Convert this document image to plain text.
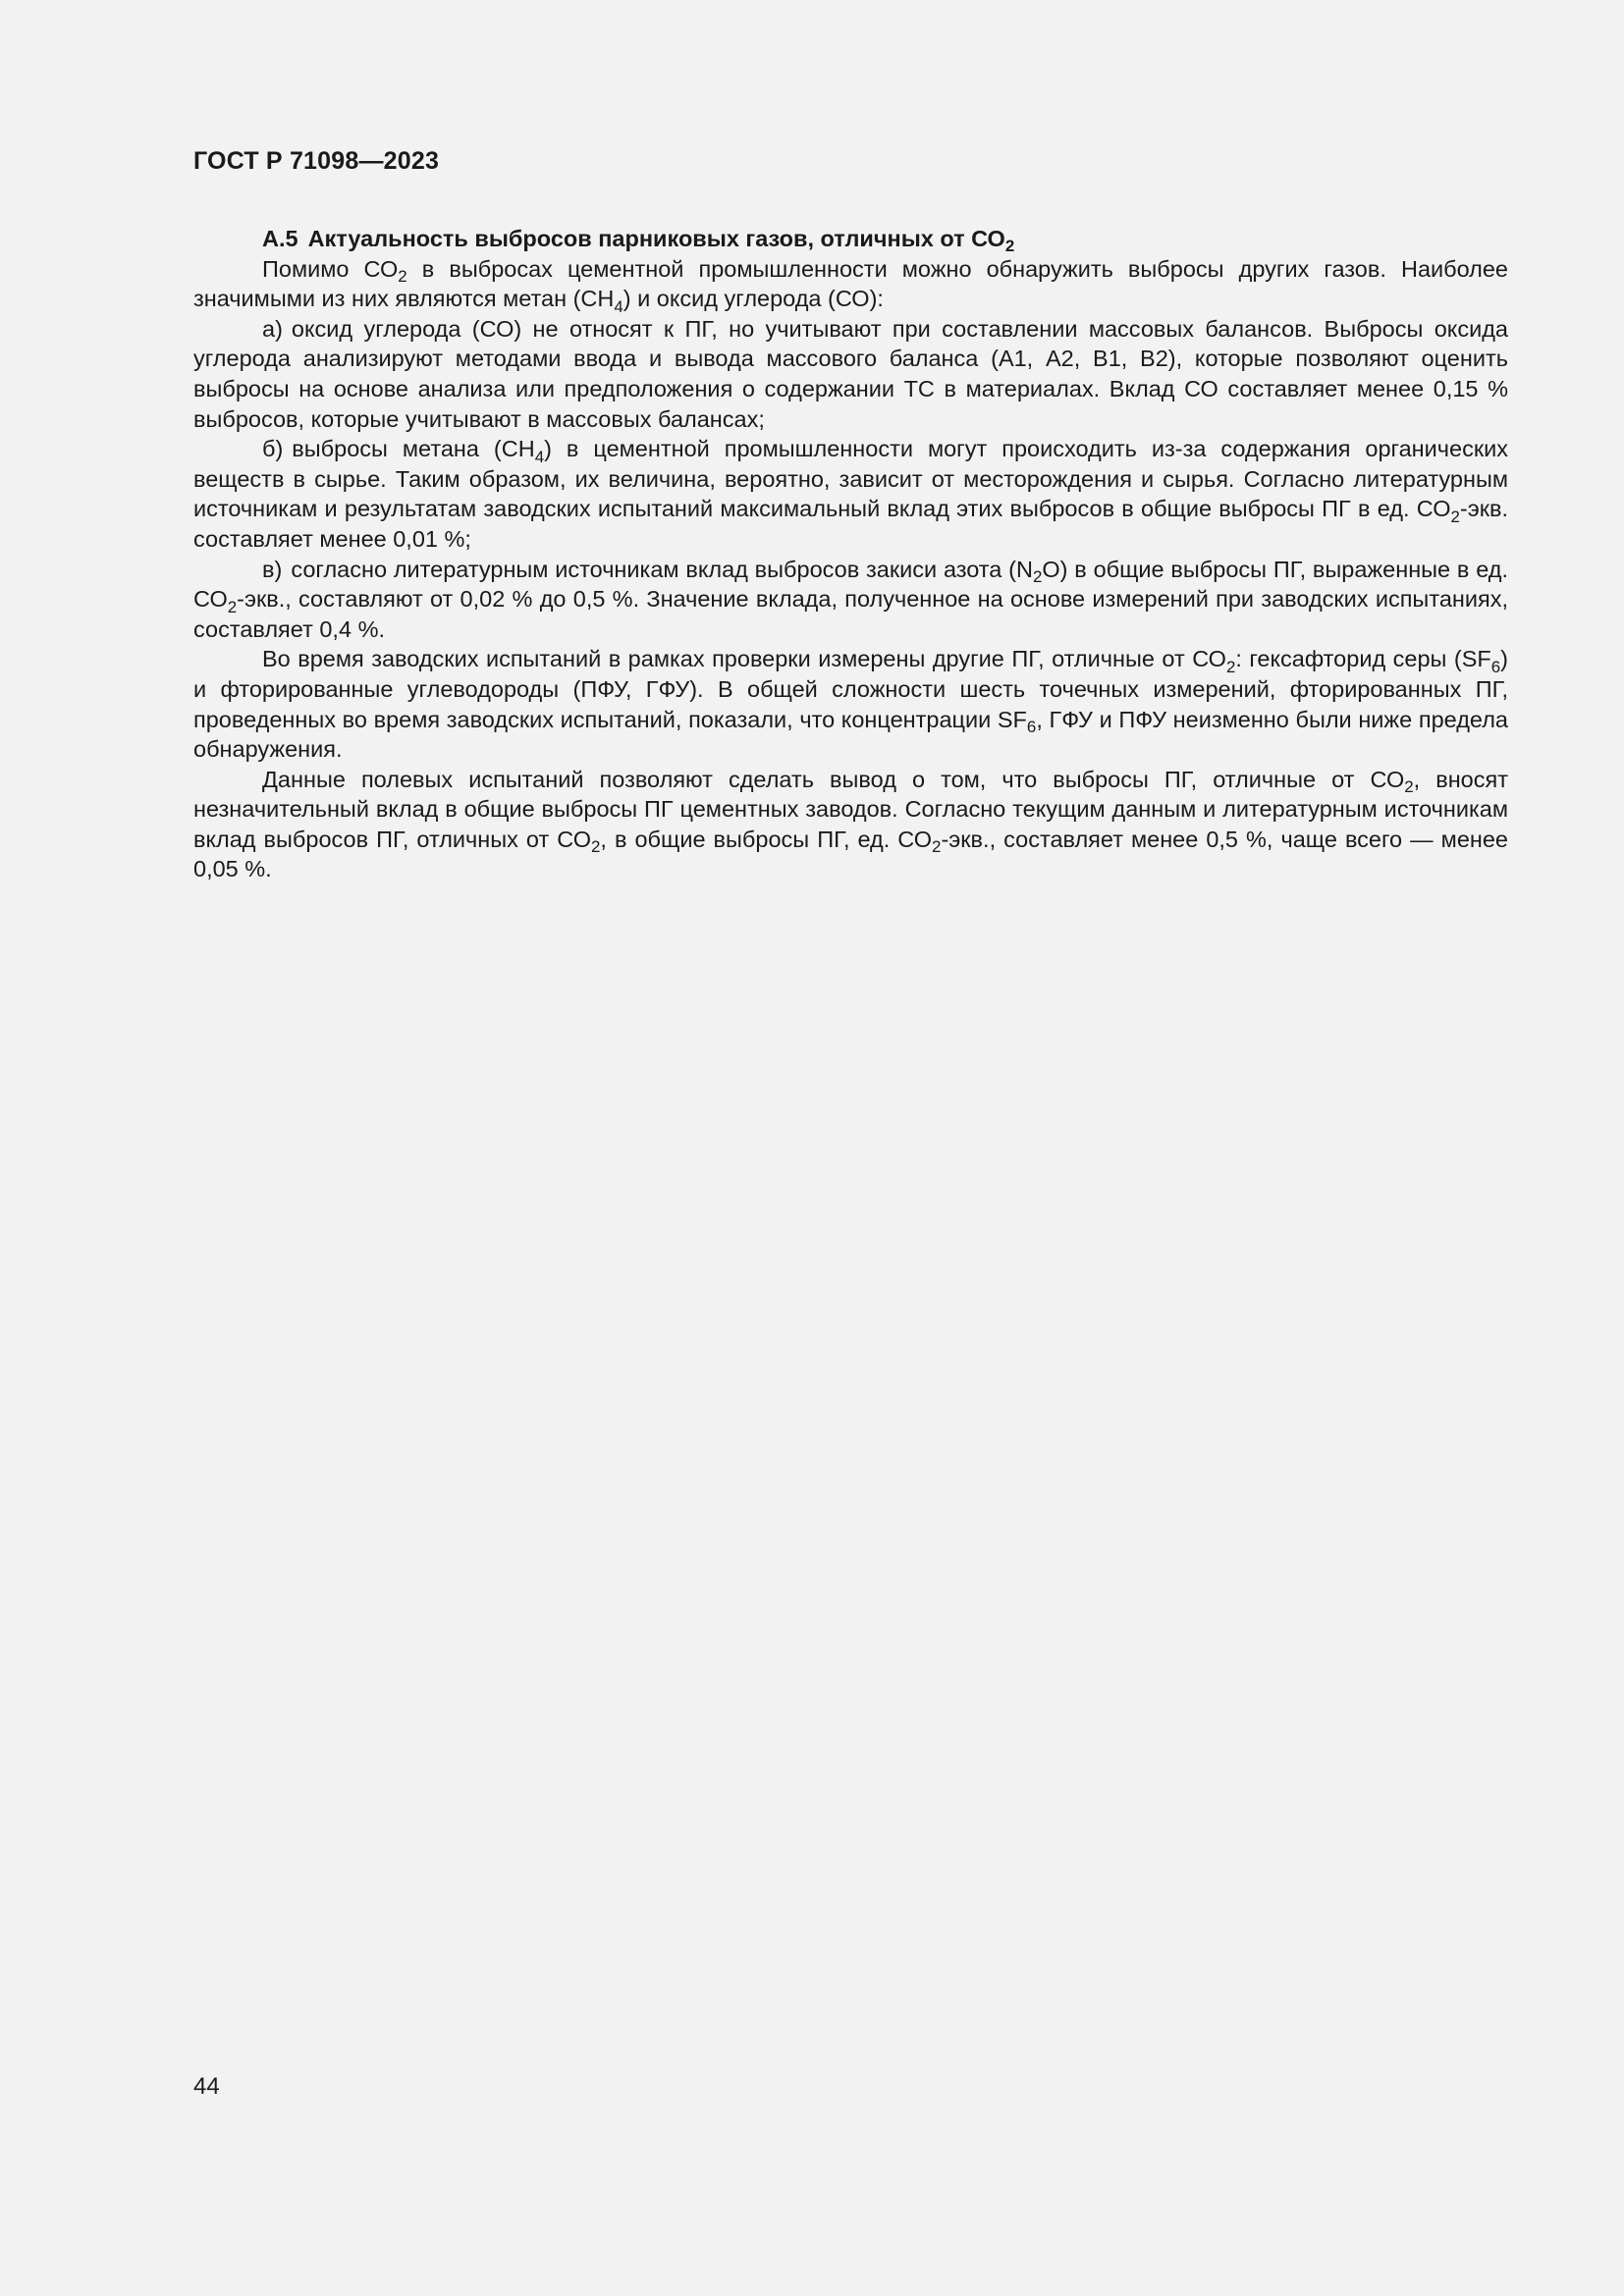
ГОСТ Р 71098—2023
А.5 Актуальность выбросов парниковых газов, отличных от $СО_2$

Помимо $СО_2$ в выбросах цементной промышленности можно обнаружить выбросы других газов. Наиболее значимыми из них являются метан $(СН_4)$ и оксид углерода (СО):

а) оксид углерода (СО) не относят к ПГ, но учитывают при составлении массовых балансов. Выбросы оксида углерода анализируют методами ввода и вывода массового баланса (А1, А2, В1, В2), которые позволяют оценить выбросы на основе анализа или предположения о содержании ТС в материалах. Вклад СО составляет менее 0,15 % выбросов, которые учитывают в массовых балансах;

б) выбросы метана $(СН_4)$ в цементной промышленности могут происходить из-за содержания органических веществ в сырье. Таким образом, их величина, вероятно, зависит от месторождения и сырья. Согласно литературным источникам и результатам заводских испытаний максимальный вклад этих выбросов в общие выбросы ПГ в ед. $СО_2$-экв. составляет менее 0,01 %;

в) согласно литературным источникам вклад выбросов закиси азота $(N_2O)$ в общие выбросы ПГ, выраженные в ед. $СО_2$-экв., составляют от 0,02 % до 0,5 %. Значение вклада, полученное на основе измерений при заводских испытаниях, составляет 0,4 %.

Во время заводских испытаний в рамках проверки измерены другие ПГ, отличные от $СО_2$: гексафторид серы $(SF_6)$ и фторированные углеводороды (ПФУ, ГФУ). В общей сложности шесть точечных измерений, фторированных ПГ, проведенных во время заводских испытаний, показали, что концентрации $SF_6$, ГФУ и ПФУ неизменно были ниже предела обнаружения.

Данные полевых испытаний позволяют сделать вывод о том, что выбросы ПГ, отличные от $СО_2$, вносят незначительный вклад в общие выбросы ПГ цементных заводов. Согласно текущим данным и литературным источникам вклад выбросов ПГ, отличных от $СО_2$, в общие выбросы ПГ, ед. $СО_2$-экв., составляет менее 0,5 %, чаще всего — менее 0,05 %.

44
